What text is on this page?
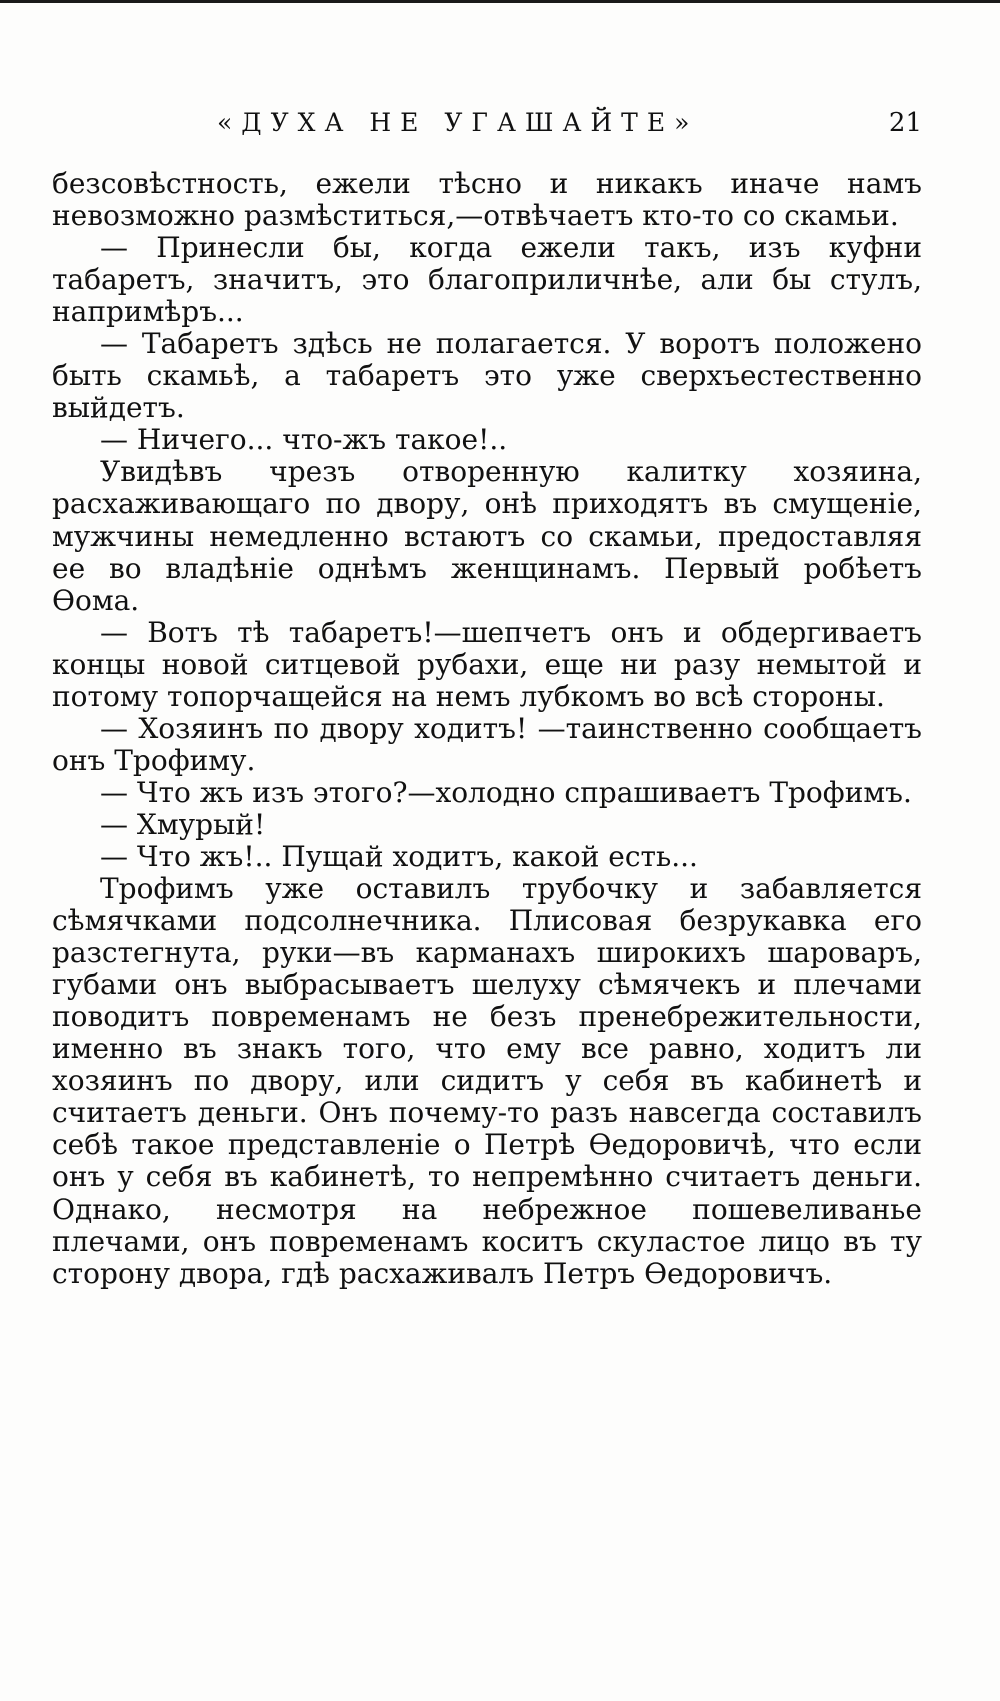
«ДУХА НЕ УГАШАЙТЕ»	21

безсовѣстность, ежели тѣсно и никакъ иначе намъ невозможно размѣститься,—отвѣчаетъ кто-то со скамьи.

— Принесли бы, когда ежели такъ, изъ куфни табаретъ, значитъ, это благоприличнѣе, али бы стулъ, напримѣръ...

— Табаретъ здѣсь не полагается. У воротъ положено быть скамьѣ, а табаретъ это уже сверхъестественно выйдетъ.

— Ничего... что-жъ такое!..

Увидѣвъ чрезъ отворенную калитку хозяина, расхаживающаго по двору, онѣ приходятъ въ смущеніе, мужчины немедленно встаютъ со скамьи, предоставляя ее во владѣніе однѣмъ женщинамъ. Первый робѣетъ Ѳома.

— Вотъ тѣ табаретъ!—шепчетъ онъ и обдергиваетъ концы новой ситцевой рубахи, еще ни разу немытой и потому топорчащейся на немъ лубкомъ во всѣ стороны.

— Хозяинъ по двору ходитъ! —таинственно сообщаетъ онъ Трофиму.

— Что жъ изъ этого?—холодно спрашиваетъ Трофимъ.

— Хмурый!

— Что жъ!.. Пущай ходитъ, какой есть...

Трофимъ уже оставилъ трубочку и забавляется сѣмячками подсолнечника. Плисовая безрукавка его разстегнута, руки—въ карманахъ широкихъ шароваръ, губами онъ выбрасываетъ шелуху сѣмячекъ и плечами поводитъ повременамъ не безъ пренебрежительности, именно въ знакъ того, что ему все равно, ходитъ ли хозяинъ по двору, или сидитъ у себя въ кабинетѣ и считаетъ деньги. Онъ почему-то разъ навсегда составилъ себѣ такое представленіе о Петрѣ Ѳедоровичѣ, что если онъ у себя въ кабинетѣ, то непремѣнно считаетъ деньги. Однако, несмотря на небрежное пошевеливанье плечами, онъ повременамъ коситъ скуластое лицо въ ту сторону двора, гдѣ расхаживалъ Петръ Ѳедоровичъ.
